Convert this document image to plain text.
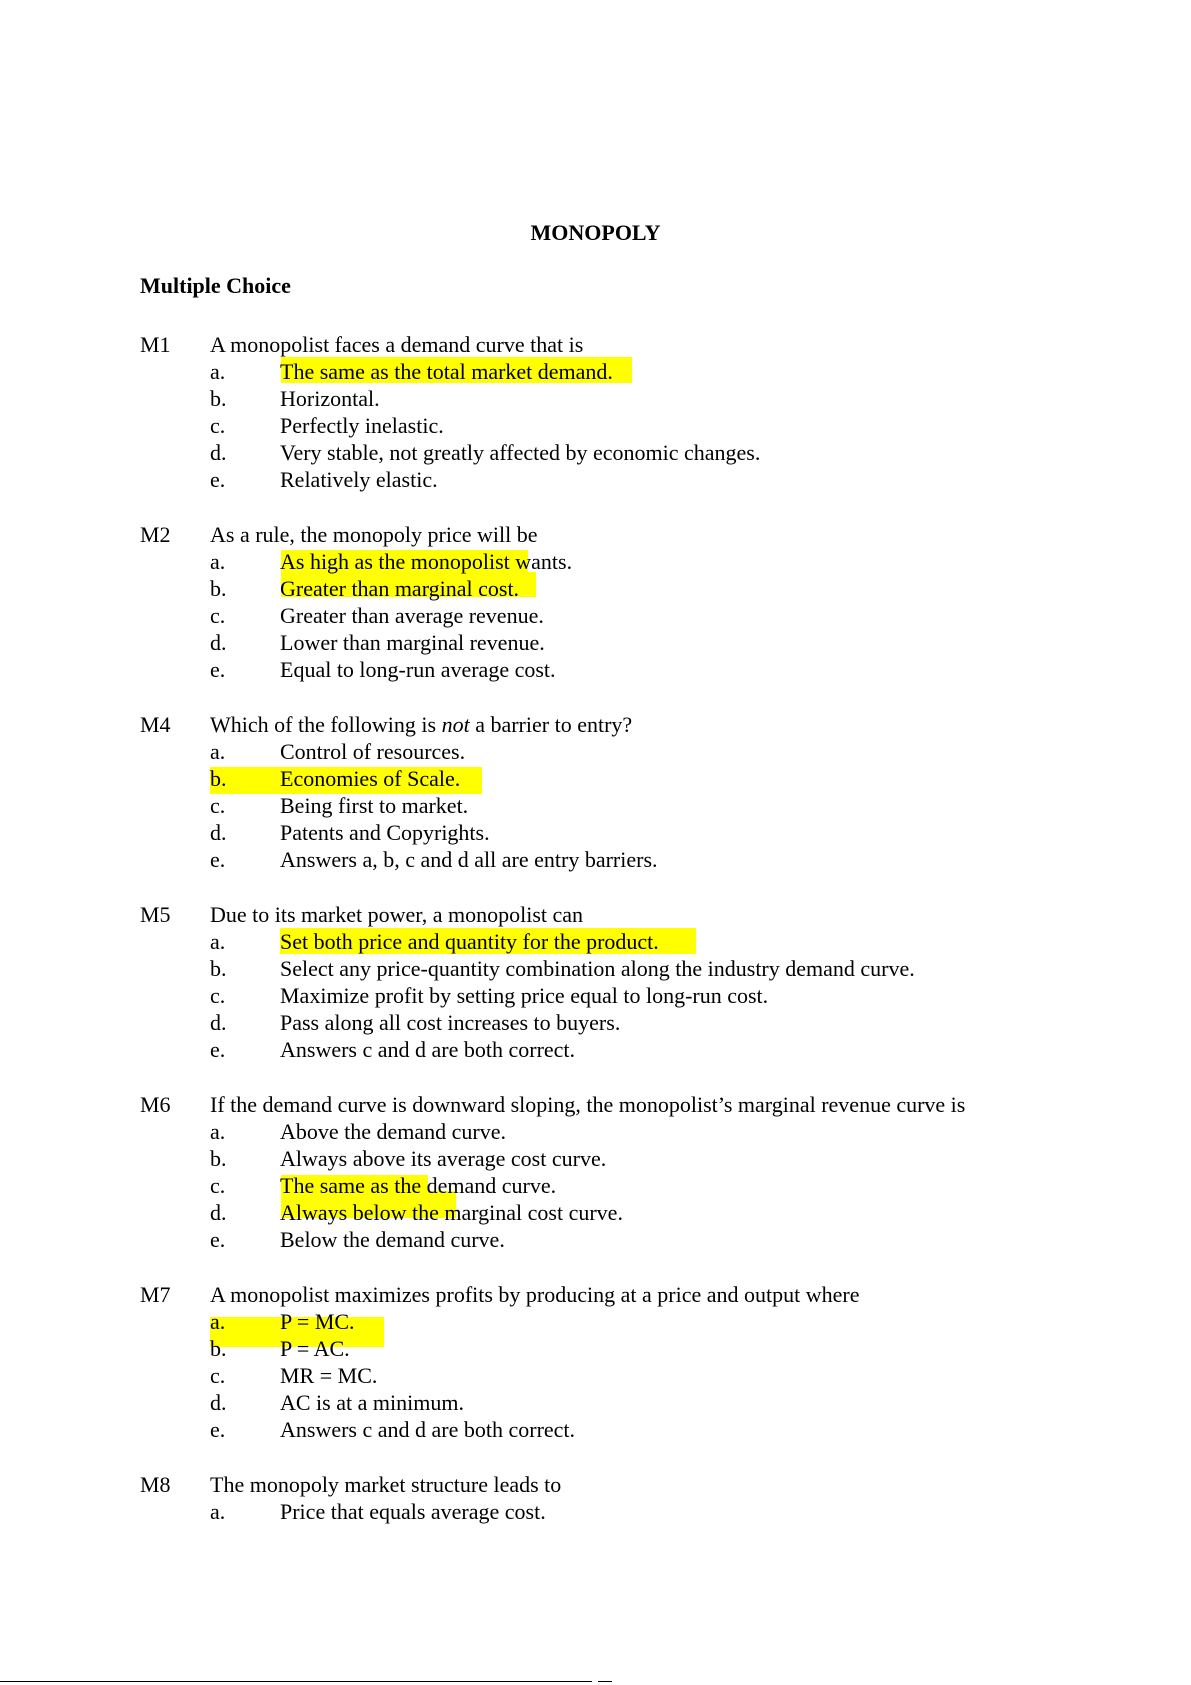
MONOPOLY
Multiple Choice
M1 A monopolist faces a demand curve that is
a. The same as the total market demand.
b. Horizontal.
c. Perfectly inelastic.
d. Very stable, not greatly affected by economic changes.
e. Relatively elastic.
M2 As a rule, the monopoly price will be
a. As high as the monopolist wants.
b. Greater than marginal cost.
c. Greater than average revenue.
d. Lower than marginal revenue.
e. Equal to long-run average cost.
M4 Which of the following is not a barrier to entry?
a. Control of resources.
b. Economies of Scale.
c. Being first to market.
d. Patents and Copyrights.
e. Answers a, b, c and d all are entry barriers.
M5 Due to its market power, a monopolist can
a. Set both price and quantity for the product.
b. Select any price-quantity combination along the industry demand curve.
c. Maximize profit by setting price equal to long-run cost.
d. Pass along all cost increases to buyers.
e. Answers c and d are both correct.
M6 If the demand curve is downward sloping, the monopolist’s marginal revenue curve is
a. Above the demand curve.
b. Always above its average cost curve.
c. The same as the demand curve.
d. Always below the marginal cost curve.
e. Below the demand curve.
M7 A monopolist maximizes profits by producing at a price and output where
a. P = MC.
b. P = AC.
c. MR = MC.
d. AC is at a minimum.
e. Answers c and d are both correct.
M8 The monopoly market structure leads to
a. Price that equals average cost.
